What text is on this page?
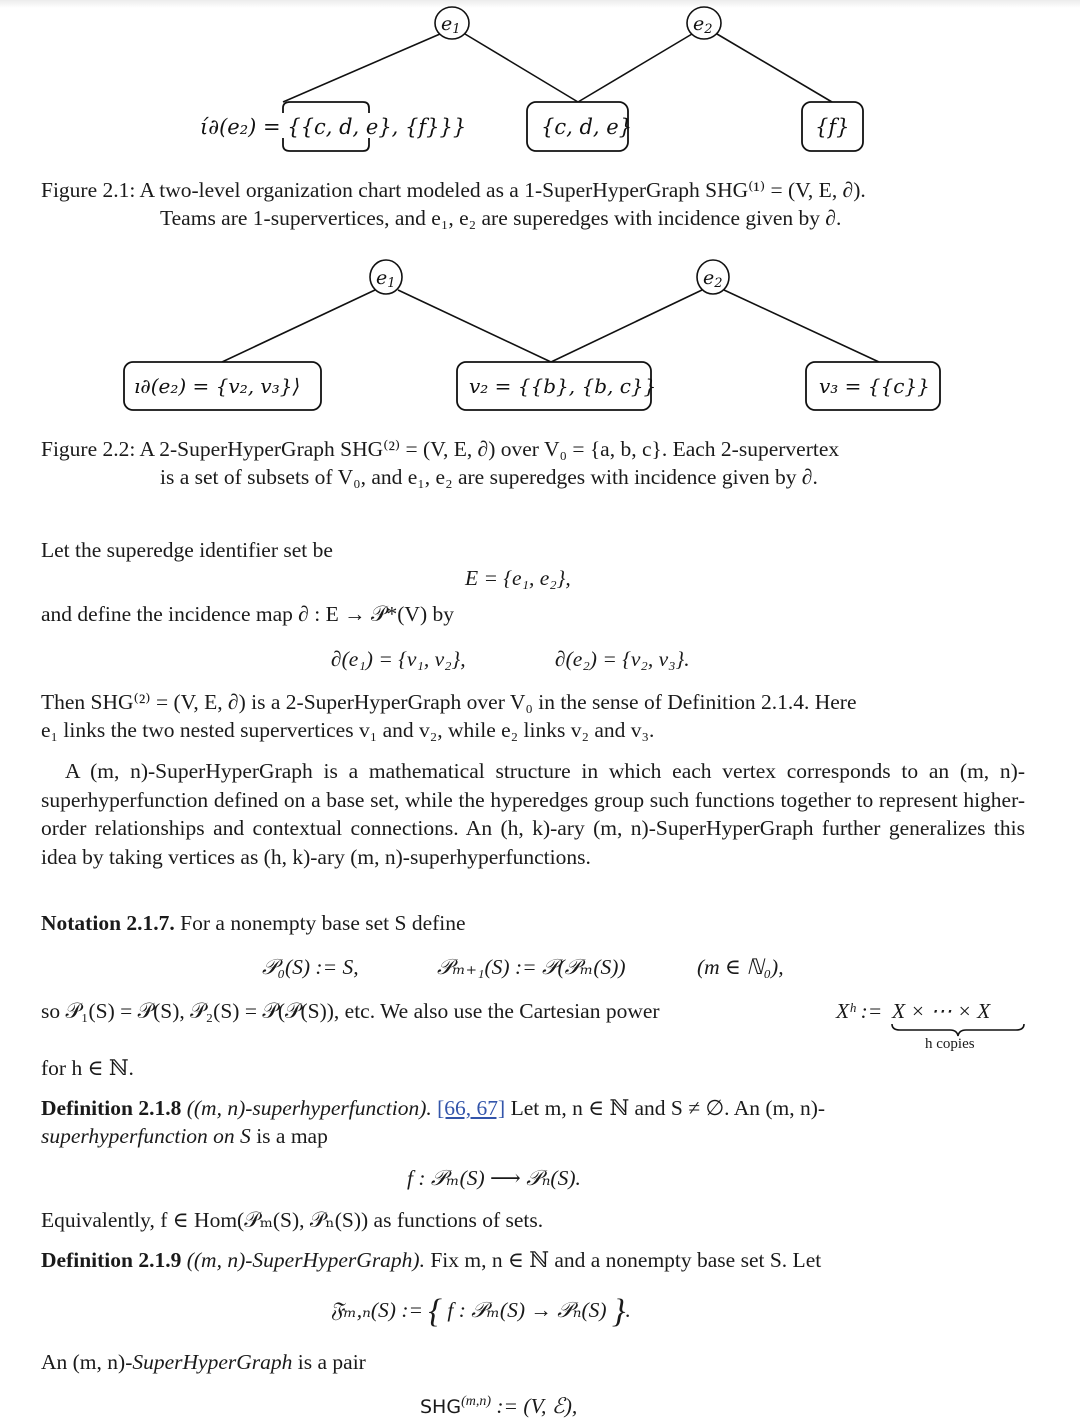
e1	e2
ί∂(e₂) = {{c, d, e}, {f}}}	{c, d, e}	{f}
Figure 2.1: A two-level organization chart modeled as a 1-SuperHyperGraph SHG⁽¹⁾ = (V, E, ∂).
Teams are 1-supervertices, and e₁, e₂ are superedges with incidence given by ∂.
e1	e2
ı∂(e₂) = {v₂, v₃}⟩	v₂ = {{b}, {b, c}}	v₃ = {{c}}
Figure 2.2: A 2-SuperHyperGraph SHG⁽²⁾ = (V, E, ∂) over V₀ = {a, b, c}. Each 2-supervertex
is a set of subsets of V₀, and e₁, e₂ are superedges with incidence given by ∂.
Let the superedge identifier set be
E = {e₁, e₂},
and define the incidence map ∂ : E → 𝒫*(V) by
∂(e₁) = {v₁, v₂},	∂(e₂) = {v₂, v₃}.
Then SHG⁽²⁾ = (V, E, ∂) is a 2-SuperHyperGraph over V₀ in the sense of Definition 2.1.4. Here
e₁ links the two nested supervertices v₁ and v₂, while e₂ links v₂ and v₃.
A (m, n)-SuperHyperGraph is a mathematical structure in which each vertex corresponds to an (m, n)-superhyperfunction defined on a base set, while the hyperedges group such functions together to represent higher-order relationships and contextual connections. An (h, k)-ary (m, n)-SuperHyperGraph further generalizes this idea by taking vertices as (h, k)-ary (m, n)-superhyperfunctions.
Notation 2.1.7. For a nonempty base set S define
𝒫₀(S) := S,	𝒫ₘ₊₁(S) := 𝒫(𝒫ₘ(S))	(m ∈ ℕ₀),
so 𝒫₁(S) = 𝒫(S), 𝒫₂(S) = 𝒫(𝒫(S)), etc. We also use the Cartesian power	Xʰ := X × ⋯ × X
h copies
for h ∈ ℕ.
Definition 2.1.8 ((m, n)-superhyperfunction). [66, 67] Let m, n ∈ ℕ and S ≠ ∅. An (m, n)-
superhyperfunction on S is a map
f : 𝒫ₘ(S) ⟶ 𝒫ₙ(S).
Equivalently, f ∈ Hom(𝒫ₘ(S), 𝒫ₙ(S)) as functions of sets.
Definition 2.1.9 ((m, n)-SuperHyperGraph). Fix m, n ∈ ℕ and a nonempty base set S. Let
𝔉ₘ,ₙ(S) := { f : 𝒫ₘ(S) → 𝒫ₙ(S) }.
An (m, n)-SuperHyperGraph is a pair
SHG$^{(m,n)}$ := (V, ℰ),
